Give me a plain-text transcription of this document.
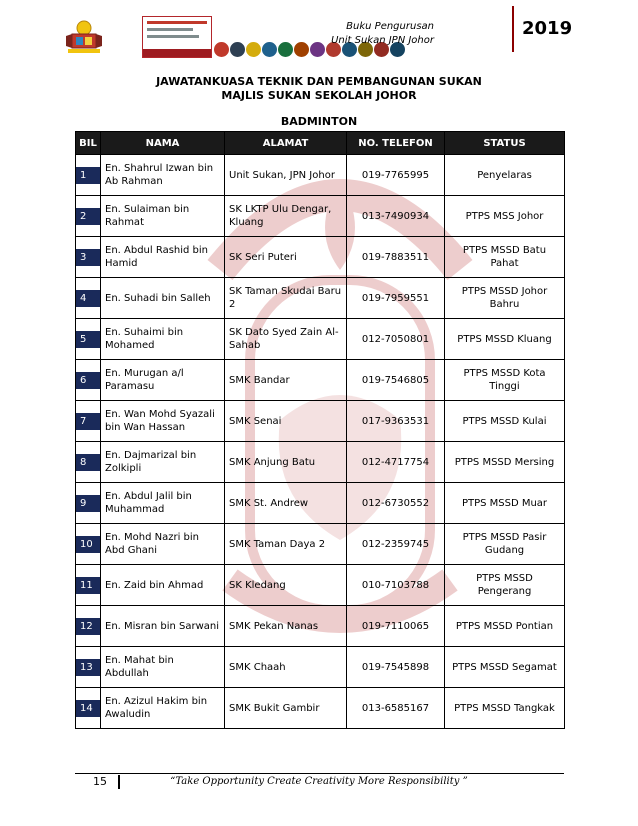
Buku Pengurusan
Unit Sukan JPN Johor
2019
JAWATANKUASA TEKNIK DAN PEMBANGUNAN SUKAN
MAJLIS SUKAN SEKOLAH JOHOR
BADMINTON
BIL	NAMA	ALAMAT	NO. TELEFON	STATUS
1	En. Shahrul Izwan bin Ab Rahman	Unit Sukan, JPN Johor	019-7765995	Penyelaras
2	En. Sulaiman bin Rahmat	SK LKTP Ulu Dengar, Kluang	013-7490934	PTPS MSS Johor
3	En. Abdul Rashid bin Hamid	SK Seri Puteri	019-7883511	PTPS MSSD Batu Pahat
4	En. Suhadi bin Salleh	SK Taman Skudai Baru 2	019-7959551	PTPS MSSD Johor Bahru
5	En. Suhaimi bin Mohamed	SK Dato Syed Zain Al-Sahab	012-7050801	PTPS MSSD Kluang
6	En. Murugan a/l Paramasu	SMK Bandar	019-7546805	PTPS MSSD Kota Tinggi
7	En. Wan Mohd Syazali bin Wan Hassan	SMK Senai	017-9363531	PTPS MSSD Kulai
8	En. Dajmarizal bin Zolkipli	SMK Anjung Batu	012-4717754	PTPS MSSD Mersing
9	En. Abdul Jalil bin Muhammad	SMK St. Andrew	012-6730552	PTPS MSSD Muar
10	En. Mohd Nazri bin Abd Ghani	SMK Taman Daya 2	012-2359745	PTPS MSSD Pasir Gudang
11	En. Zaid bin Ahmad	SK Kledang	010-7103788	PTPS MSSD Pengerang
12	En. Misran bin Sarwani	SMK Pekan Nanas	019-7110065	PTPS MSSD Pontian
13	En. Mahat bin Abdullah	SMK Chaah	019-7545898	PTPS MSSD Segamat
14	En. Azizul Hakim bin Awaludin	SMK Bukit Gambir	013-6585167	PTPS MSSD Tangkak
15	“Take Opportunity Create Creativity More Responsibility ”
